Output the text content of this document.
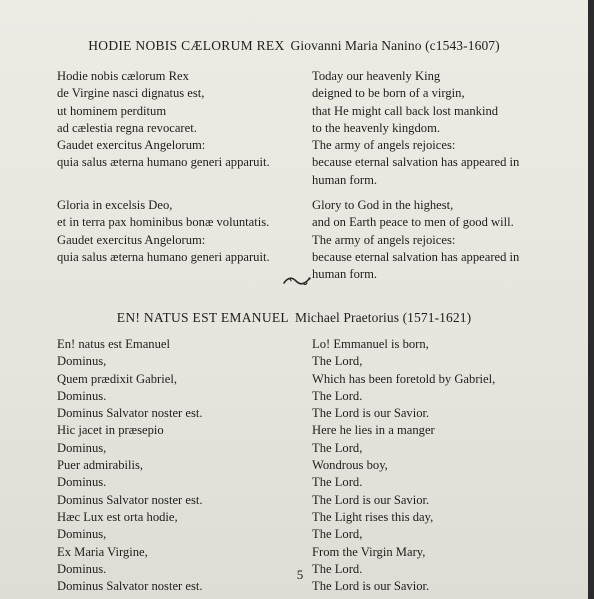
HODIE NOBIS CÆLORUM REX Giovanni Maria Nanino (c1543-1607)
Hodie nobis cælorum Rex
de Virgine nasci dignatus est,
ut hominem perditum
ad cælestia regna revocaret.
Gaudet exercitus Angelorum:
quia salus æterna humano generi apparuit.
Gloria in excelsis Deo,
et in terra pax hominibus bonæ voluntatis.
Gaudet exercitus Angelorum:
quia salus æterna humano generi apparuit.
Today our heavenly King
deigned to be born of a virgin,
that He might call back lost mankind
to the heavenly kingdom.
The army of angels rejoices:
because eternal salvation has appeared in
human form.
Glory to God in the highest,
and on Earth peace to men of good will.
The army of angels rejoices:
because eternal salvation has appeared in
human form.
EN! NATUS EST EMANUEL Michael Praetorius (1571-1621)
En! natus est Emanuel
Dominus,
Quem prædixit Gabriel,
Dominus.
Dominus Salvator noster est.
Hic jacet in præsepio
Dominus,
Puer admirabilis,
Dominus.
Dominus Salvator noster est.
Hæc Lux est orta hodie,
Dominus,
Ex Maria Virgine,
Dominus.
Dominus Salvator noster est.
Lo! Emmanuel is born,
The Lord,
Which has been foretold by Gabriel,
The Lord.
The Lord is our Savior.
Here he lies in a manger
The Lord,
Wondrous boy,
The Lord.
The Lord is our Savior.
The Light rises this day,
The Lord,
From the Virgin Mary,
The Lord.
The Lord is our Savior.
5
